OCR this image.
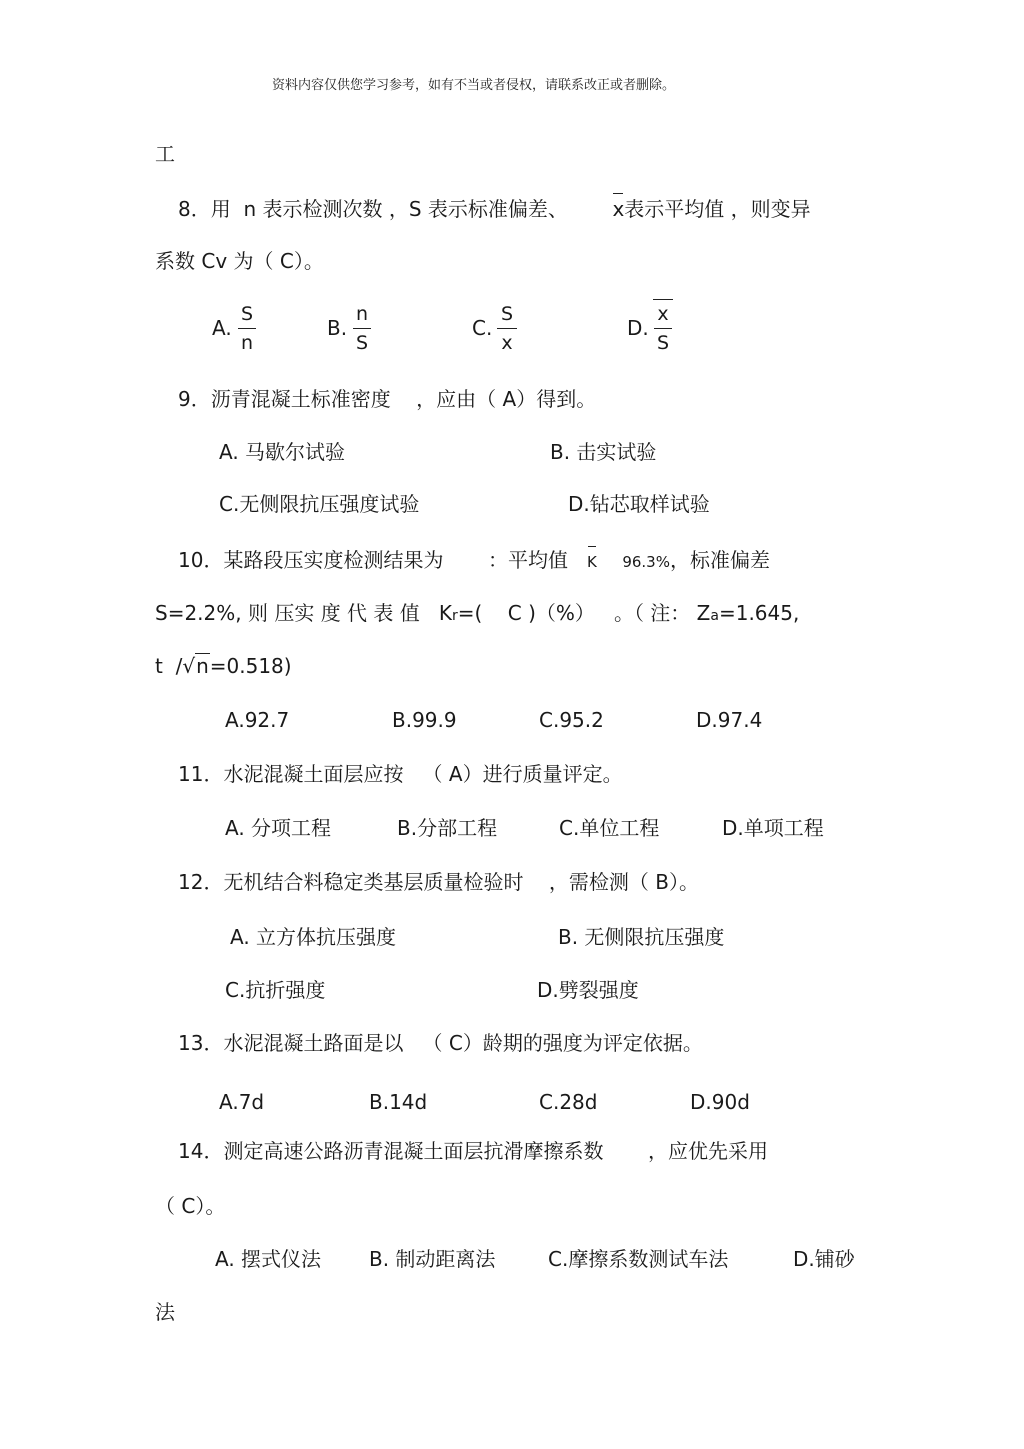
资料内容仅供您学习参考，如有不当或者侵权，请联系改正或者删除。
工
8．用 n 表示检测次数 ，S 表示标准偏差、 x表示平均值 ，则变异
系数 Cv 为（ C）。
A.
S
n
B.
n
S
C.
S
x
D.
x
S
9．沥青混凝土标准密度 ，应由（ A）得到。
A. 马歇尔试验	B. 击实试验
C.无侧限抗压强度试验	D.钻芯取样试验
10．某路段压实度检测结果为 ：平均值 K 96.3%，标准偏差
S=2.2%, 则 压实 度 代 表 值 Kr=( C )（%） 。（ 注： Za=1.645,
t /√n=0.518)
A.92.7	B.99.9	C.95.2	D.97.4
11．水泥混凝土面层应按 （ A）进行质量评定。
A. 分项工程	B.分部工程	C.单位工程	D.单项工程
12．无机结合料稳定类基层质量检验时 ，需检测（ B）。
A. 立方体抗压强度	B. 无侧限抗压强度
C.抗折强度	D.劈裂强度
13．水泥混凝土路面是以 （ C）龄期的强度为评定依据。
A.7d	B.14d	C.28d	D.90d
14．测定高速公路沥青混凝土面层抗滑摩擦系数 ，应优先采用
（ C）。
A. 摆式仪法 B. 制动距离法	C.摩擦系数测试车法	D.铺砂
法
